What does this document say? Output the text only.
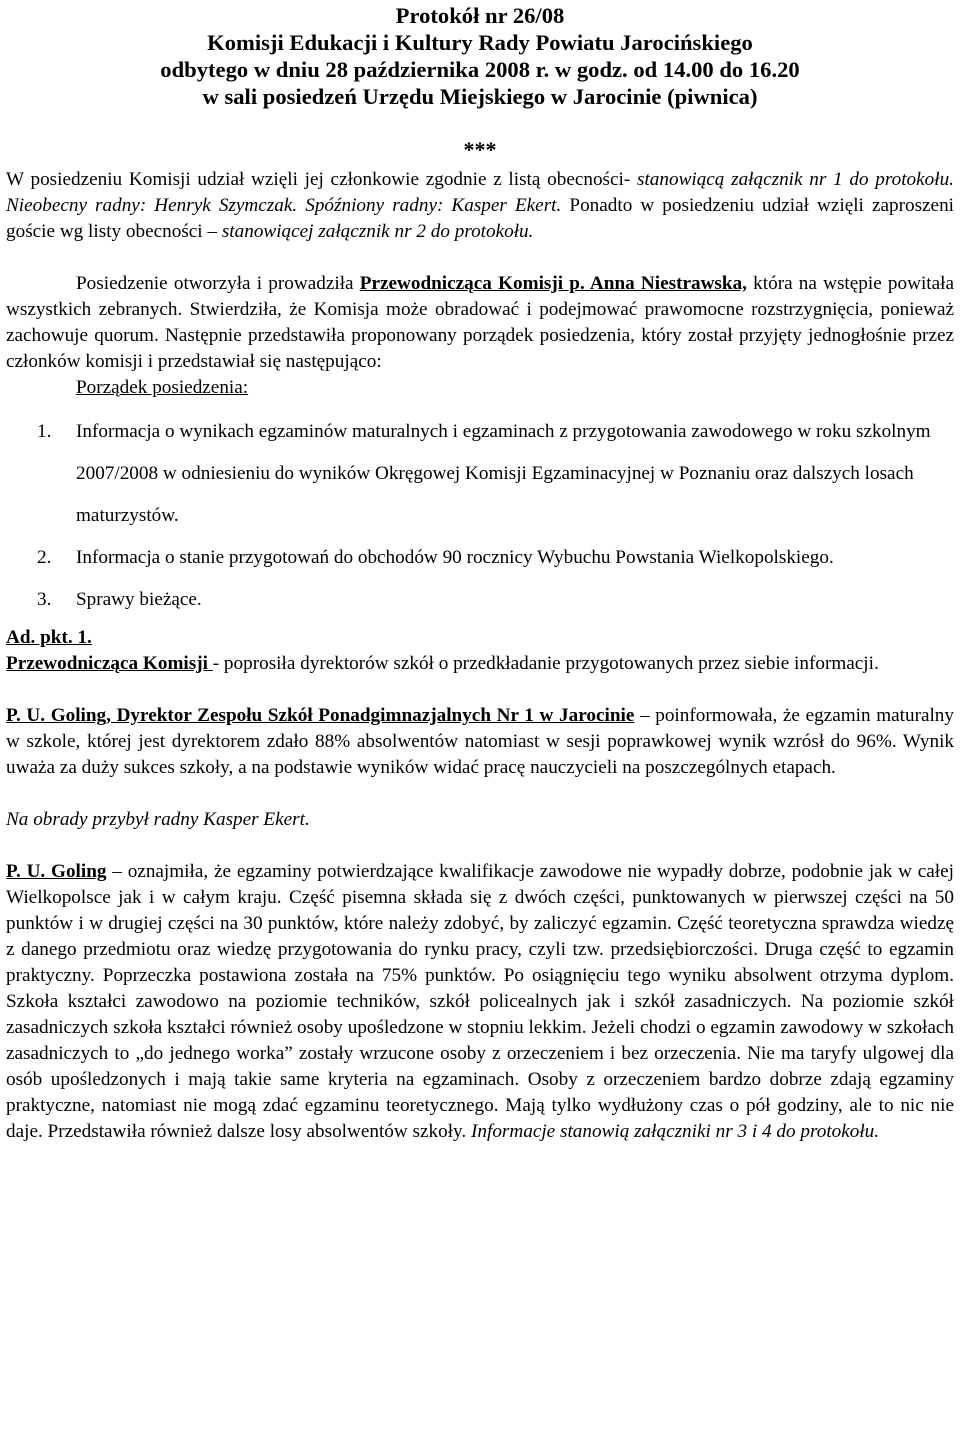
Protokół nr 26/08
Komisji Edukacji i Kultury Rady Powiatu Jarocińskiego
odbytego w dniu 28 października 2008 r. w godz. od 14.00 do 16.20
w sali posiedzeń Urzędu Miejskiego w Jarocinie (piwnica)
***

W posiedzeniu Komisji udział wzięli jej członkowie zgodnie z listą obecności- stanowiącą załącznik nr 1 do protokołu. Nieobecny radny: Henryk Szymczak. Spóźniony radny: Kasper Ekert. Ponadto w posiedzeniu udział wzięli zaproszeni goście wg listy obecności – stanowiącej załącznik nr 2 do protokołu.

Posiedzenie otworzyła i prowadziła Przewodnicząca Komisji p. Anna Niestrawska, która na wstępie powitała wszystkich zebranych. Stwierdziła, że Komisja może obradować i podejmować prawomocne rozstrzygnięcia, ponieważ zachowuje quorum. Następnie przedstawiła proponowany porządek posiedzenia, który został przyjęty jednogłośnie przez członków komisji i przedstawiał się następująco:

Porządek posiedzenia:

1. Informacja o wynikach egzaminów maturalnych i egzaminach z przygotowania zawodowego w roku szkolnym 2007/2008 w odniesieniu do wyników Okręgowej Komisji Egzaminacyjnej w Poznaniu oraz dalszych losach maturzystów.
2. Informacja o stanie przygotowań do obchodów 90 rocznicy Wybuchu Powstania Wielkopolskiego.
3. Sprawy bieżące.

Ad. pkt. 1.

Przewodnicząca Komisji - poprosiła dyrektorów szkół o przedkładanie przygotowanych przez siebie informacji.

P. U. Goling, Dyrektor Zespołu Szkół Ponadgimnazjalnych Nr 1 w Jarocinie – poinformowała, że egzamin maturalny w szkole, której jest dyrektorem zdało 88% absolwentów natomiast w sesji poprawkowej wynik wzrósł do 96%. Wynik uważa za duży sukces szkoły, a na podstawie wyników widać pracę nauczycieli na poszczególnych etapach.

Na obrady przybył radny Kasper Ekert.

P. U. Goling – oznajmiła, że egzaminy potwierdzające kwalifikacje zawodowe nie wypadły dobrze, podobnie jak w całej Wielkopolsce jak i w całym kraju. Część pisemna składa się z dwóch części, punktowanych w pierwszej części na 50 punktów i w drugiej części na 30 punktów, które należy zdobyć, by zaliczyć egzamin. Część teoretyczna sprawdza wiedzę z danego przedmiotu oraz wiedzę przygotowania do rynku pracy, czyli tzw. przedsiębiorczości. Druga część to egzamin praktyczny. Poprzeczka postawiona została na 75% punktów. Po osiągnięciu tego wyniku absolwent otrzyma dyplom. Szkoła kształci zawodowo na poziomie techników, szkół policealnych jak i szkół zasadniczych. Na poziomie szkół zasadniczych szkoła kształci również osoby upośledzone w stopniu lekkim. Jeżeli chodzi o egzamin zawodowy w szkołach zasadniczych to „do jednego worka” zostały wrzucone osoby z orzeczeniem i bez orzeczenia. Nie ma taryfy ulgowej dla osób upośledzonych i mają takie same kryteria na egzaminach. Osoby z orzeczeniem bardzo dobrze zdają egzaminy praktyczne, natomiast nie mogą zdać egzaminu teoretycznego. Mają tylko wydłużony czas o pół godziny, ale to nic nie daje. Przedstawiła również dalsze losy absolwentów szkoły. Informacje stanowią załączniki nr 3 i 4 do protokołu.
